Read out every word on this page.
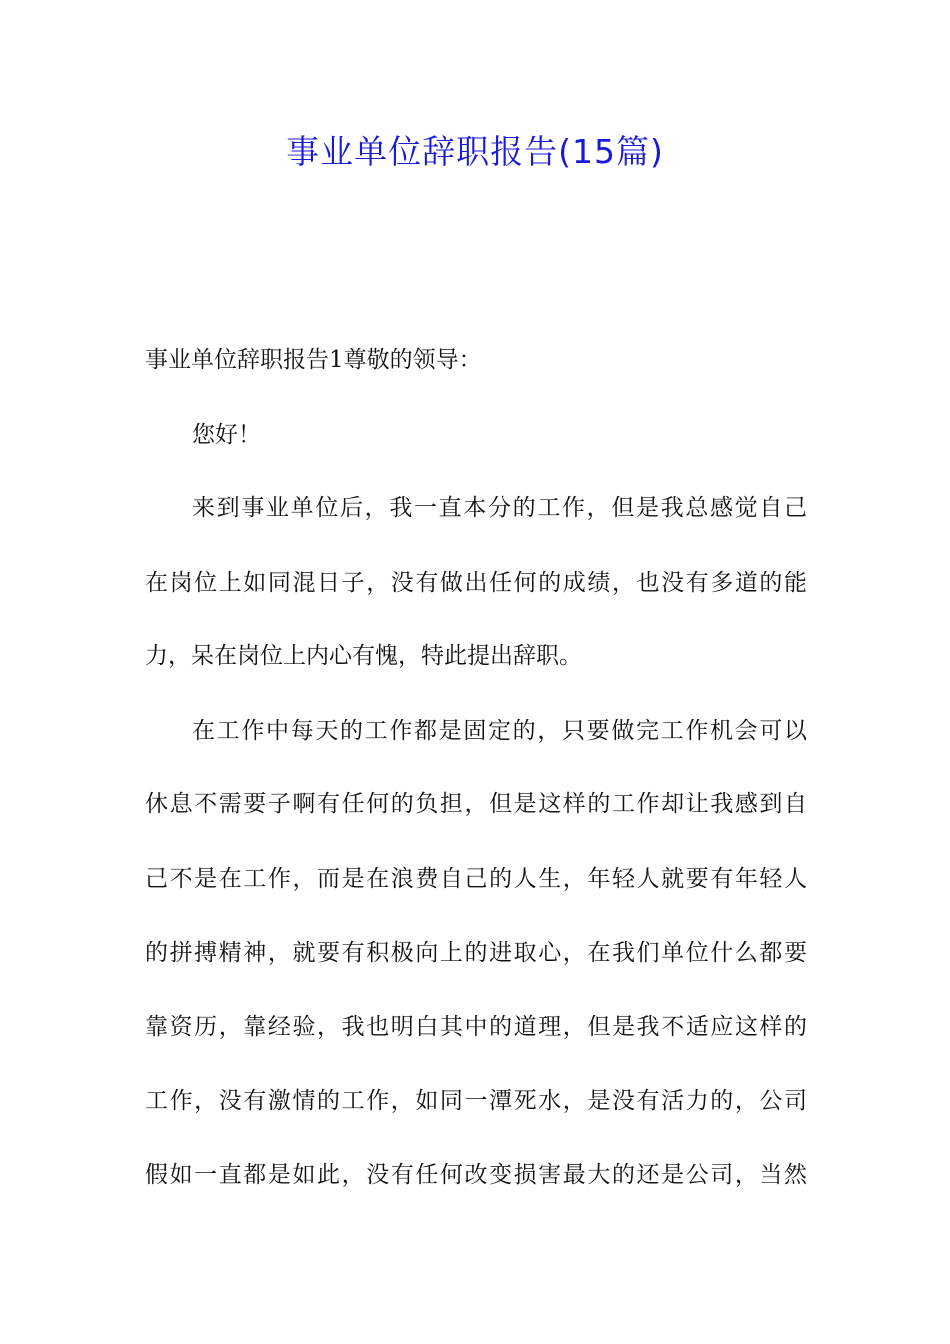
事业单位辞职报告(15篇)
事业单位辞职报告1尊敬的领导：
您好！
来到事业单位后，我一直本分的工作，但是我总感觉自己
在岗位上如同混日子，没有做出任何的成绩，也没有多道的能
力，呆在岗位上内心有愧，特此提出辞职。
在工作中每天的工作都是固定的，只要做完工作机会可以
休息不需要子啊有任何的负担，但是这样的工作却让我感到自
己不是在工作，而是在浪费自己的人生，年轻人就要有年轻人
的拼搏精神，就要有积极向上的进取心，在我们单位什么都要
靠资历，靠经验，我也明白其中的道理，但是我不适应这样的
工作，没有激情的工作，如同一潭死水，是没有活力的，公司
假如一直都是如此，没有任何改变损害最大的还是公司，当然
